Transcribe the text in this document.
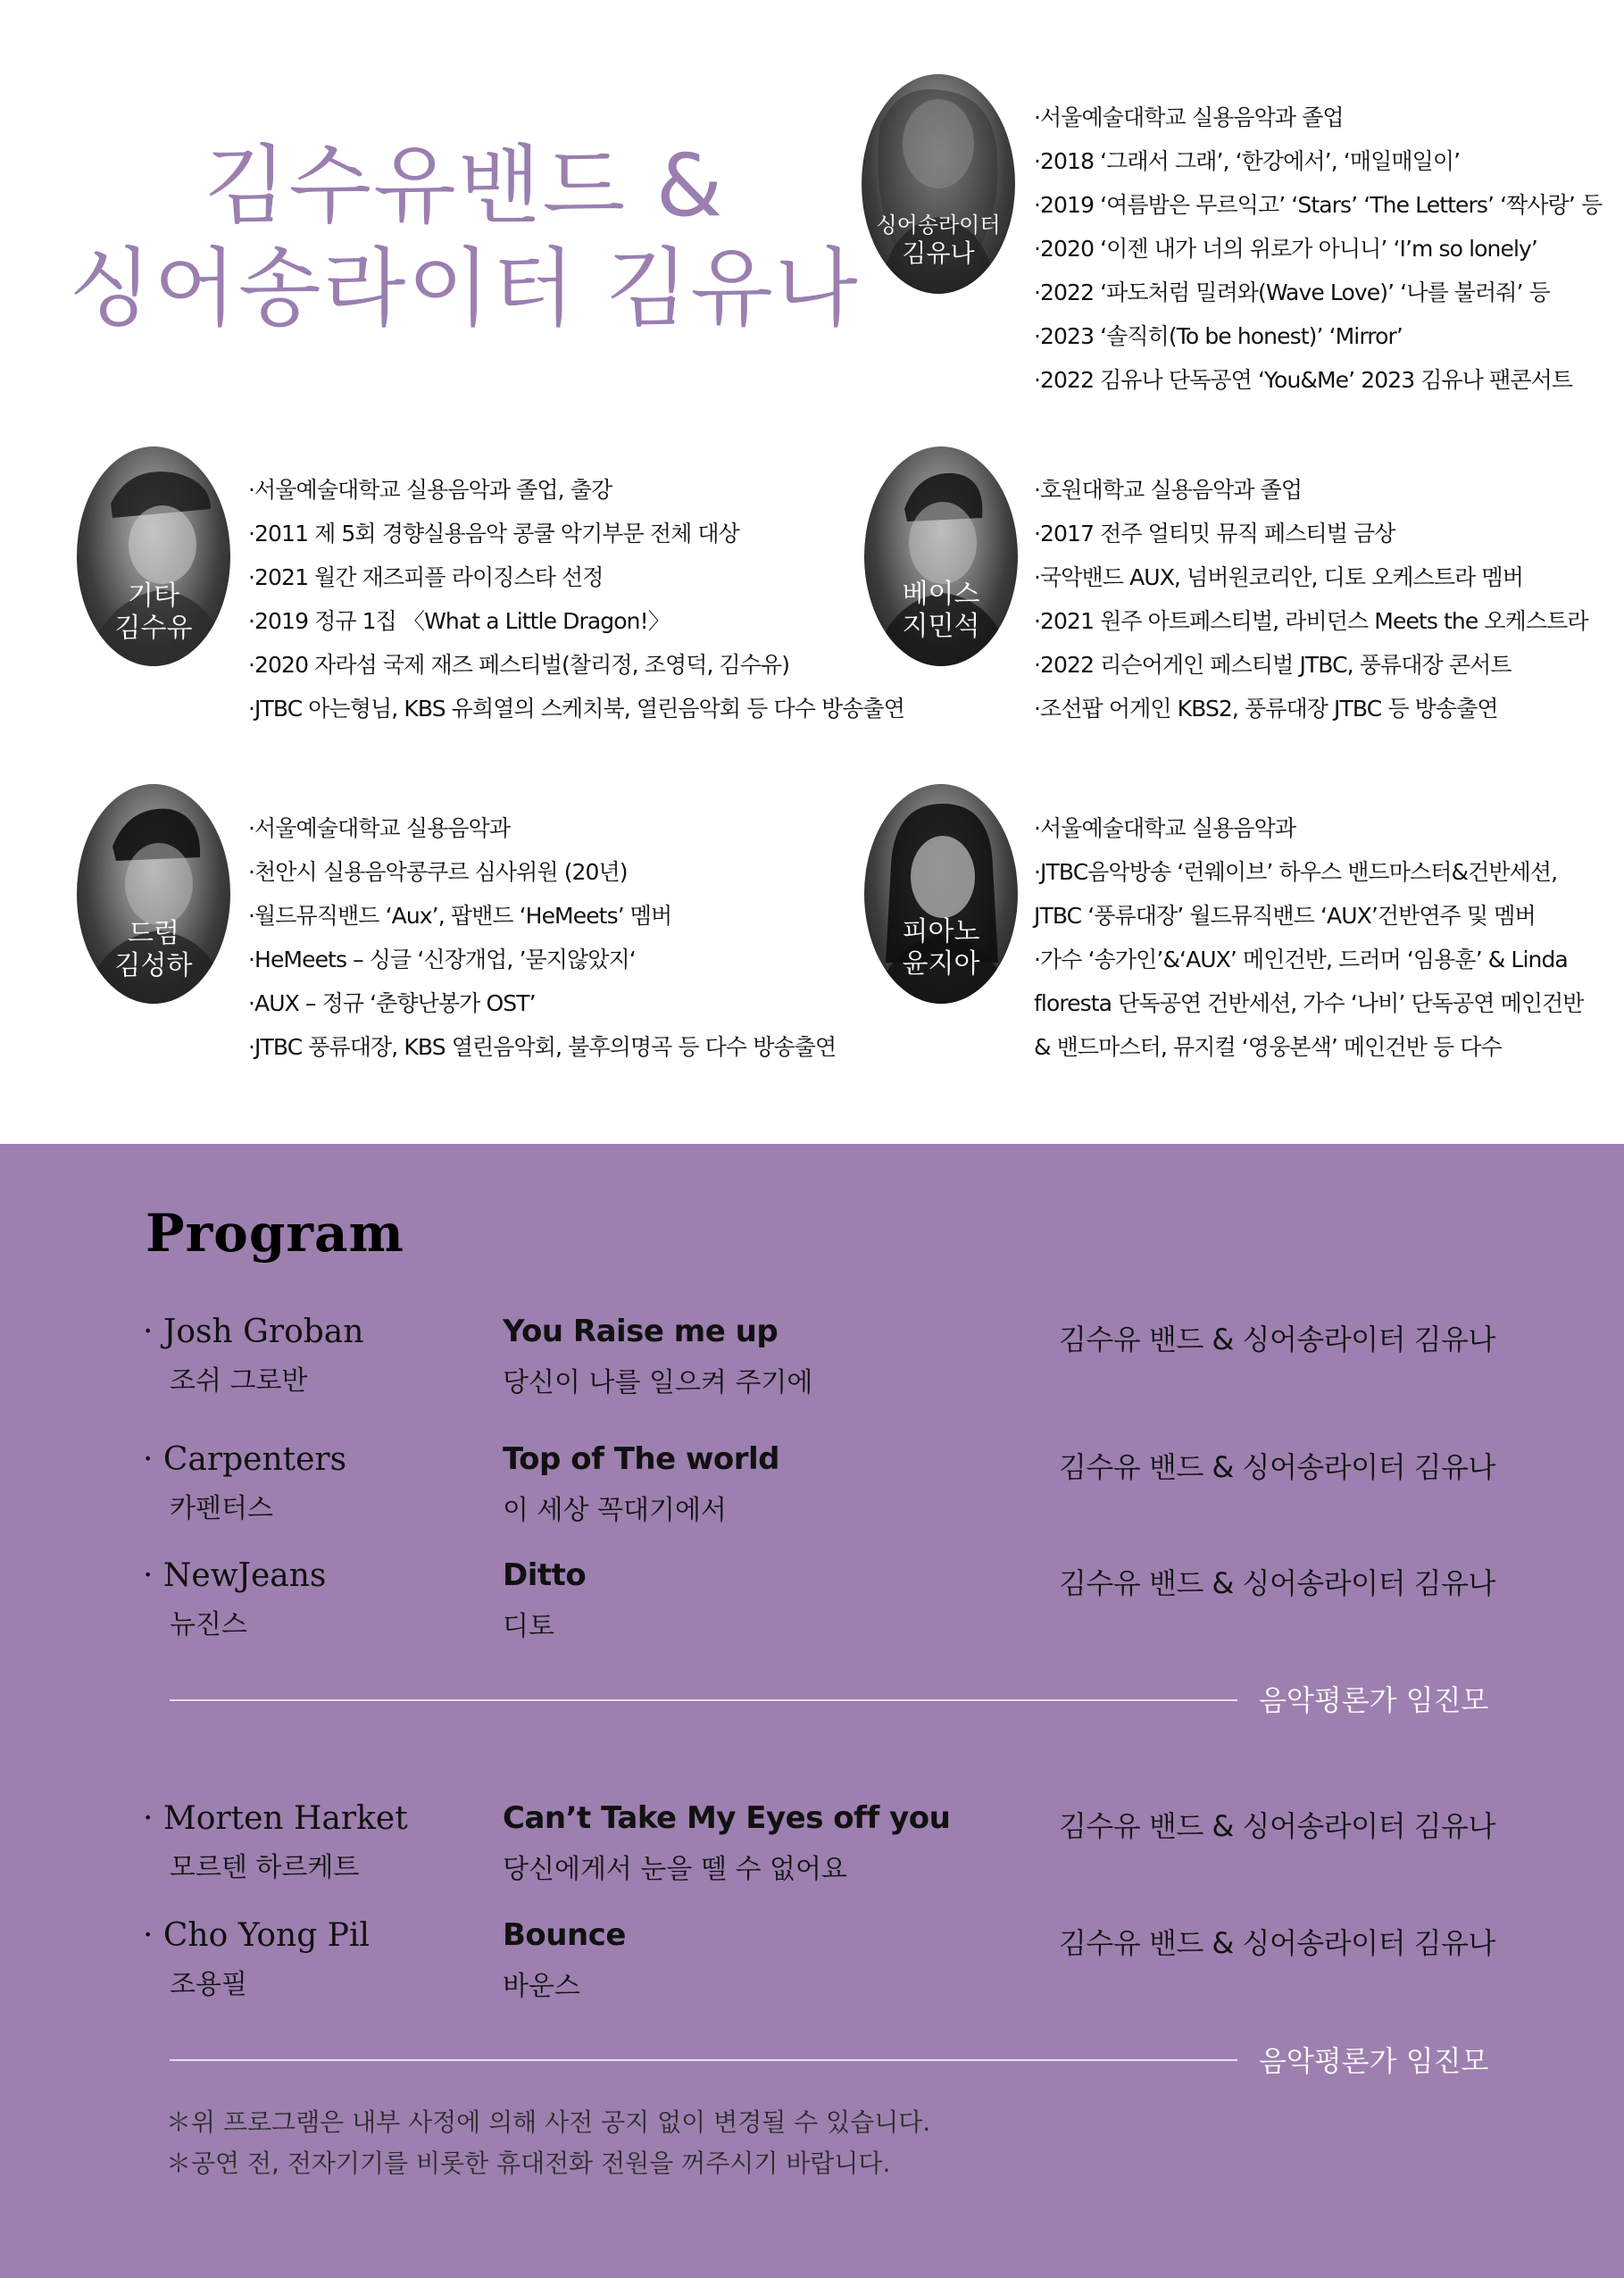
김수유밴드 &
싱어송라이터 김유나
싱어송라이터
김유나
·서울예술대학교 실용음악과 졸업
·2018 ‘그래서 그래’, ‘한강에서’, ‘매일매일이’
·2019 ‘여름밤은 무르익고’ ‘Stars’ ‘The Letters’ ‘짝사랑’ 등
·2020 ‘이젠 내가 너의 위로가 아니니’ ‘I’m so lonely’
·2022 ‘파도처럼 밀려와(Wave Love)’ ‘나를 불러줘’ 등
·2023 ‘솔직히(To be honest)’ ‘Mirror’
·2022 김유나 단독공연 ‘You&Me’ 2023 김유나 팬콘서트
기타
김수유
·서울예술대학교 실용음악과 졸업, 출강
·2011 제 5회 경향실용음악 콩쿨 악기부문 전체 대상
·2021 월간 재즈피플 라이징스타 선정
·2019 정규 1집 〈What a Little Dragon!〉
·2020 자라섬 국제 재즈 페스티벌(찰리정, 조영덕, 김수유)
·JTBC 아는형님, KBS 유희열의 스케치북, 열린음악회 등 다수 방송출연
베이스
지민석
·호원대학교 실용음악과 졸업
·2017 전주 얼티밋 뮤직 페스티벌 금상
·국악밴드 AUX, 넘버원코리안, 디토 오케스트라 멤버
·2021 원주 아트페스티벌, 라비던스 Meets the 오케스트라
·2022 리슨어게인 페스티벌 JTBC, 풍류대장 콘서트
·조선팝 어게인 KBS2, 풍류대장 JTBC 등 방송출연
드럼
김성하
·서울예술대학교 실용음악과
·천안시 실용음악콩쿠르 심사위원 (20년)
·월드뮤직밴드 ‘Aux’, 팝밴드 ‘HeMeets’ 멤버
·HeMeets – 싱글 ‘신장개업, ’묻지않았지‘
·AUX – 정규 ‘춘향난봉가 OST’
·JTBC 풍류대장, KBS 열린음악회, 불후의명곡 등 다수 방송출연
피아노
윤지아
·서울예술대학교 실용음악과
·JTBC음악방송 ‘런웨이브’ 하우스 밴드마스터&건반세션,
JTBC ‘풍류대장’ 월드뮤직밴드 ‘AUX’건반연주 및 멤버
·가수 ‘송가인’&‘AUX’ 메인건반, 드러머 ‘임용훈’ & Linda
floresta 단독공연 건반세션, 가수 ‘나비’ 단독공연 메인건반
& 밴드마스터, 뮤지컬 ‘영웅본색’ 메인건반 등 다수
Program
· Josh Groban
조쉬 그로반
You Raise me up
당신이 나를 일으켜 주기에
김수유 밴드 & 싱어송라이터 김유나
· Carpenters
카펜터스
Top of The world
이 세상 꼭대기에서
김수유 밴드 & 싱어송라이터 김유나
· NewJeans
뉴진스
Ditto
디토
김수유 밴드 & 싱어송라이터 김유나
음악평론가 임진모
· Morten Harket
모르텐 하르케트
Can’t Take My Eyes off you
당신에게서 눈을 뗄 수 없어요
김수유 밴드 & 싱어송라이터 김유나
· Cho Yong Pil
조용필
Bounce
바운스
김수유 밴드 & 싱어송라이터 김유나
음악평론가 임진모
＊위 프로그램은 내부 사정에 의해 사전 공지 없이 변경될 수 있습니다.
＊공연 전, 전자기기를 비롯한 휴대전화 전원을 꺼주시기 바랍니다.
